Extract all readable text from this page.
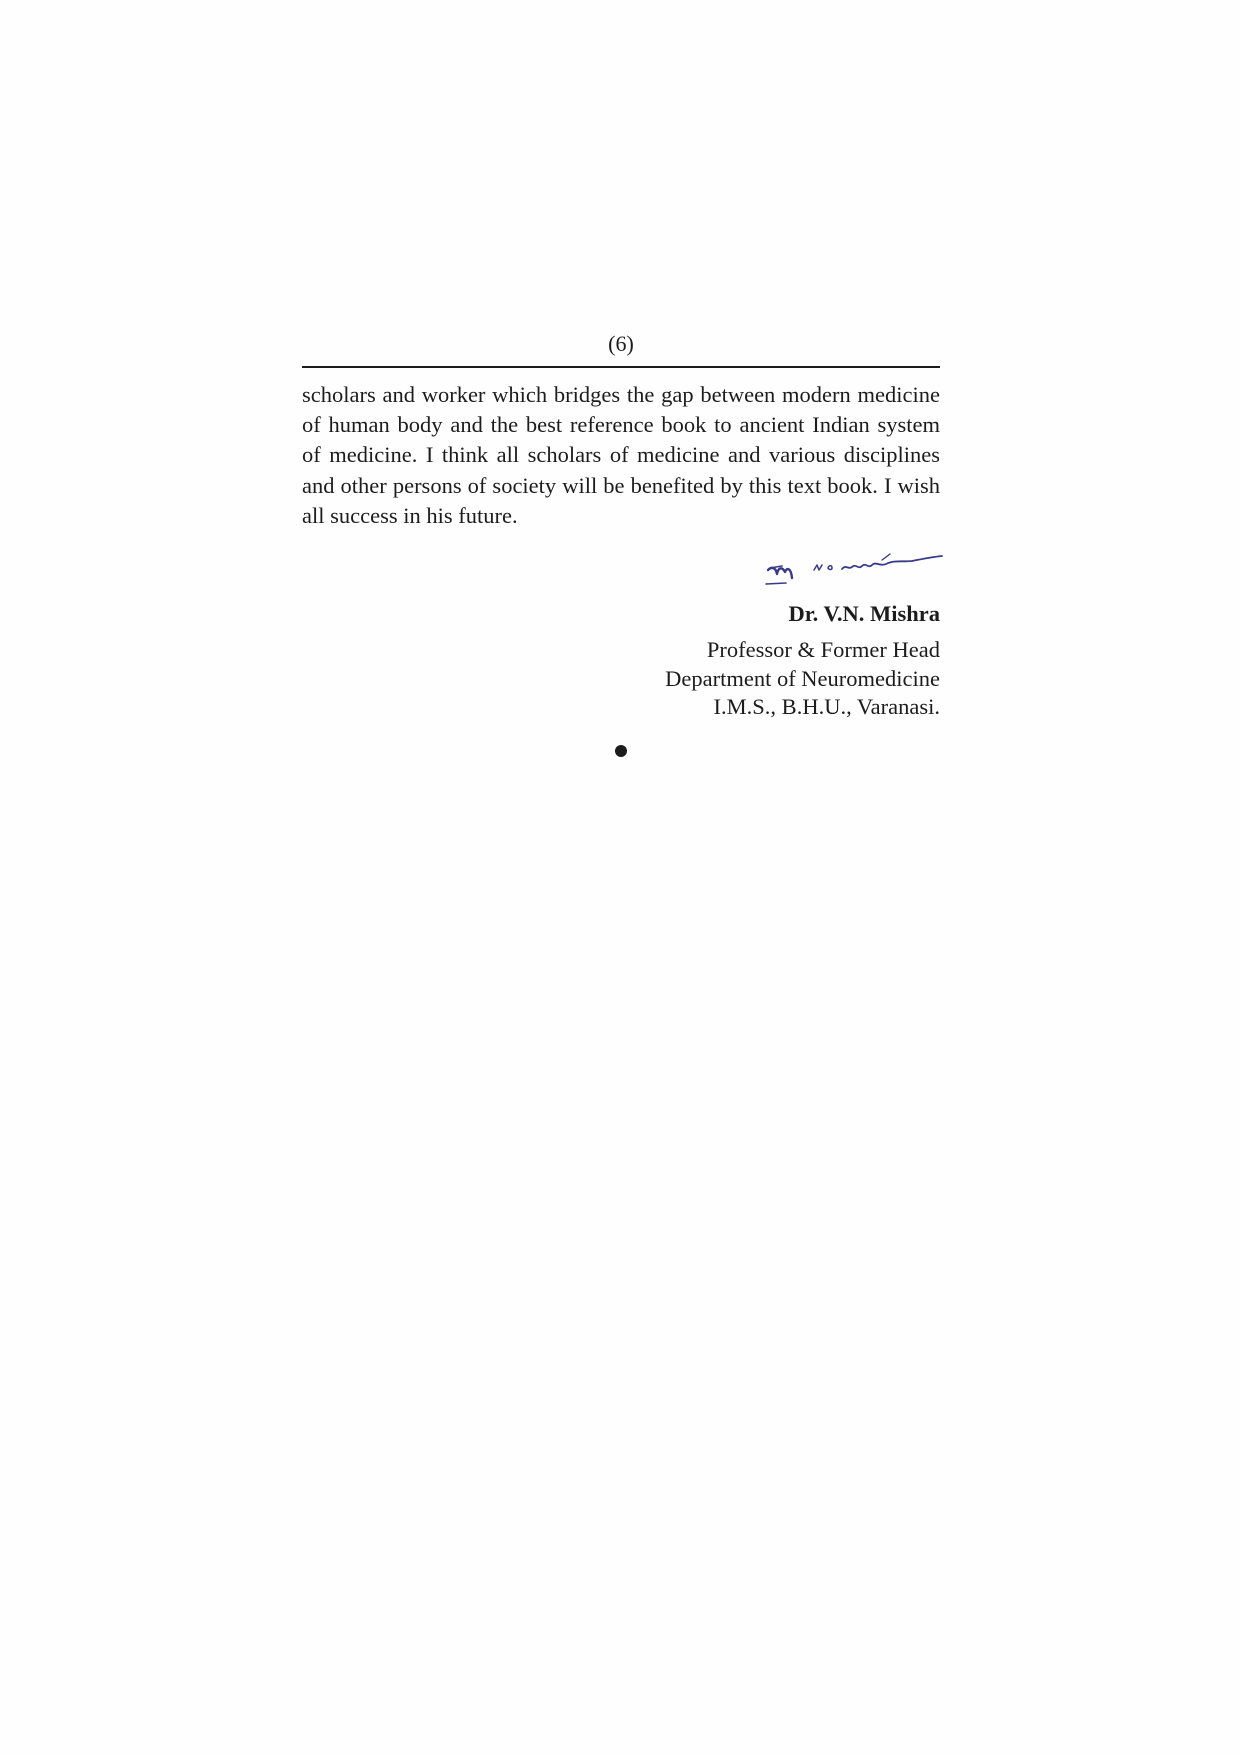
(6)

scholars and worker which bridges the gap between modern medicine of human body and the best reference book to ancient Indian system of medicine. I think all scholars of medicine and various disciplines and other persons of society will be benefited by this text book. I wish all success in his future.

Dr. V.N. Mishra
Professor & Former Head
Department of Neuromedicine
I.M.S., B.H.U., Varanasi.
